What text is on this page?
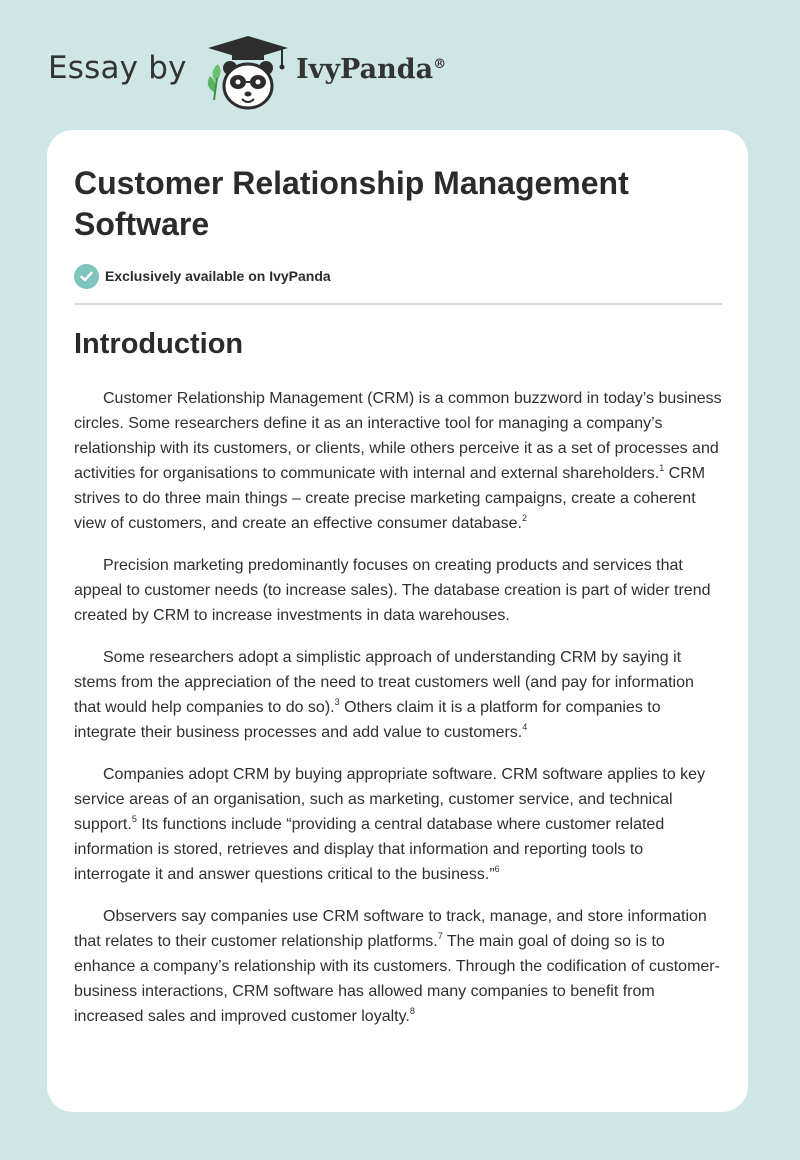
Essay by	IvyPanda®
Customer Relationship Management Software
Exclusively available on IvyPanda
Introduction

Customer Relationship Management (CRM) is a common buzzword in today’s business circles. Some researchers define it as an interactive tool for managing a company’s relationship with its customers, or clients, while others perceive it as a set of processes and activities for organisations to communicate with internal and external shareholders.$^1$ CRM strives to do three main things – create precise marketing campaigns, create a coherent view of customers, and create an effective consumer database.$^2$

Precision marketing predominantly focuses on creating products and services that appeal to customer needs (to increase sales). The database creation is part of wider trend created by CRM to increase investments in data warehouses.

Some researchers adopt a simplistic approach of understanding CRM by saying it stems from the appreciation of the need to treat customers well (and pay for information that would help companies to do so).$^3$ Others claim it is a platform for companies to integrate their business processes and add value to customers.$^4$

Companies adopt CRM by buying appropriate software. CRM software applies to key service areas of an organisation, such as marketing, customer service, and technical support.$^5$ Its functions include “providing a central database where customer related information is stored, retrieves and display that information and reporting tools to interrogate it and answer questions critical to the business.”$^6$

Observers say companies use CRM software to track, manage, and store information that relates to their customer relationship platforms.$^7$ The main goal of doing so is to enhance a company’s relationship with its customers. Through the codification of customer-business interactions, CRM software has allowed many companies to benefit from increased sales and improved customer loyalty.$^8$
